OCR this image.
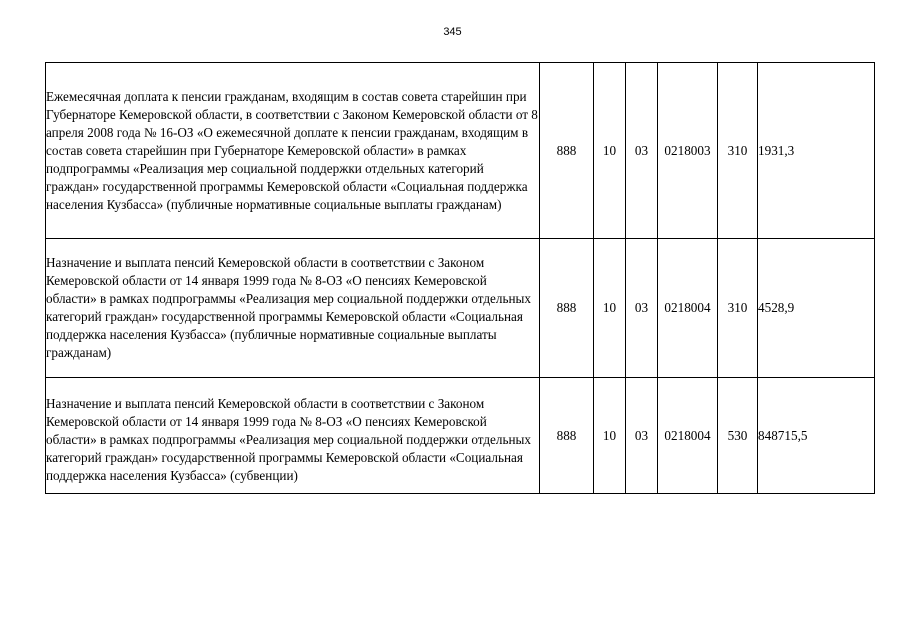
345
Ежемесячная доплата к пенсии гражданам, входящим в состав совета старейшин при Губернаторе Кемеровской области, в соответствии с Законом Кемеровской области от 8 апреля 2008 года № 16-ОЗ «О ежемесячной доплате к пенсии гражданам, входящим в состав совета старейшин при Губернаторе Кемеровской области» в рамках подпрограммы «Реализация мер социальной поддержки отдельных категорий граждан» государственной программы Кемеровской области «Социальная поддержка населения Кузбасса» (публичные нормативные социальные выплаты гражданам)	888	10	03	0218003	310	1931,3
Назначение и выплата пенсий Кемеровской области в соответствии с Законом Кемеровской области от 14 января 1999 года № 8-ОЗ «О пенсиях Кемеровской области» в рамках подпрограммы «Реализация мер социальной поддержки отдельных категорий граждан» государственной программы Кемеровской области «Социальная поддержка населения Кузбасса» (публичные нормативные социальные выплаты гражданам)	888	10	03	0218004	310	4528,9
Назначение и выплата пенсий Кемеровской области в соответствии с Законом Кемеровской области от 14 января 1999 года № 8-ОЗ «О пенсиях Кемеровской области» в рамках подпрограммы «Реализация мер социальной поддержки отдельных категорий граждан» государственной программы Кемеровской области «Социальная поддержка населения Кузбасса» (субвенции)	888	10	03	0218004	530	848715,5
